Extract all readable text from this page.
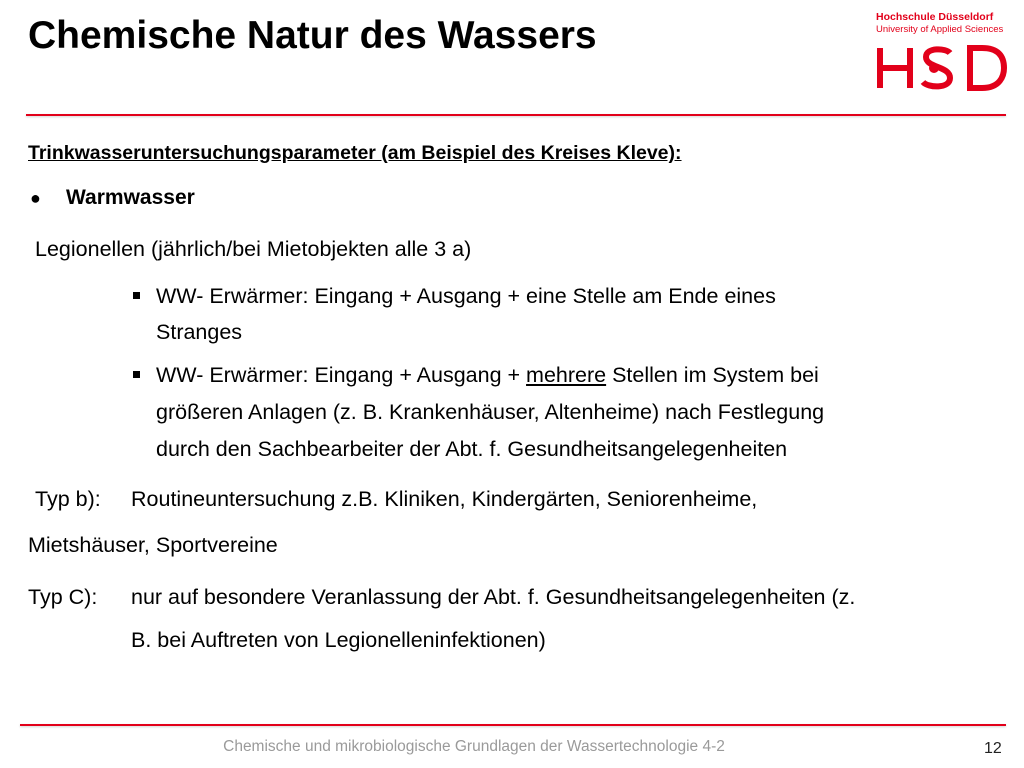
Chemische Natur des Wassers	Hochschule Düsseldorf
University of Applied Sciences
Trinkwasseruntersuchungsparameter (am Beispiel des Kreises Kleve):
● Warmwasser
Legionellen (jährlich/bei Mietobjekten alle 3 a)
WW- Erwärmer: Eingang + Ausgang + eine Stelle am Ende eines
Stranges
WW- Erwärmer: Eingang + Ausgang + mehrere Stellen im System bei
größeren Anlagen (z. B. Krankenhäuser, Altenheime) nach Festlegung
durch den Sachbearbeiter der Abt. f. Gesundheitsangelegenheiten
Typ b): Routineuntersuchung z.B. Kliniken, Kindergärten, Seniorenheime,
Mietshäuser, Sportvereine
Typ C): nur auf besondere Veranlassung der Abt. f. Gesundheitsangelegenheiten (z.
B. bei Auftreten von Legionelleninfektionen)
Chemische und mikrobiologische Grundlagen der Wassertechnologie 4-2	12
